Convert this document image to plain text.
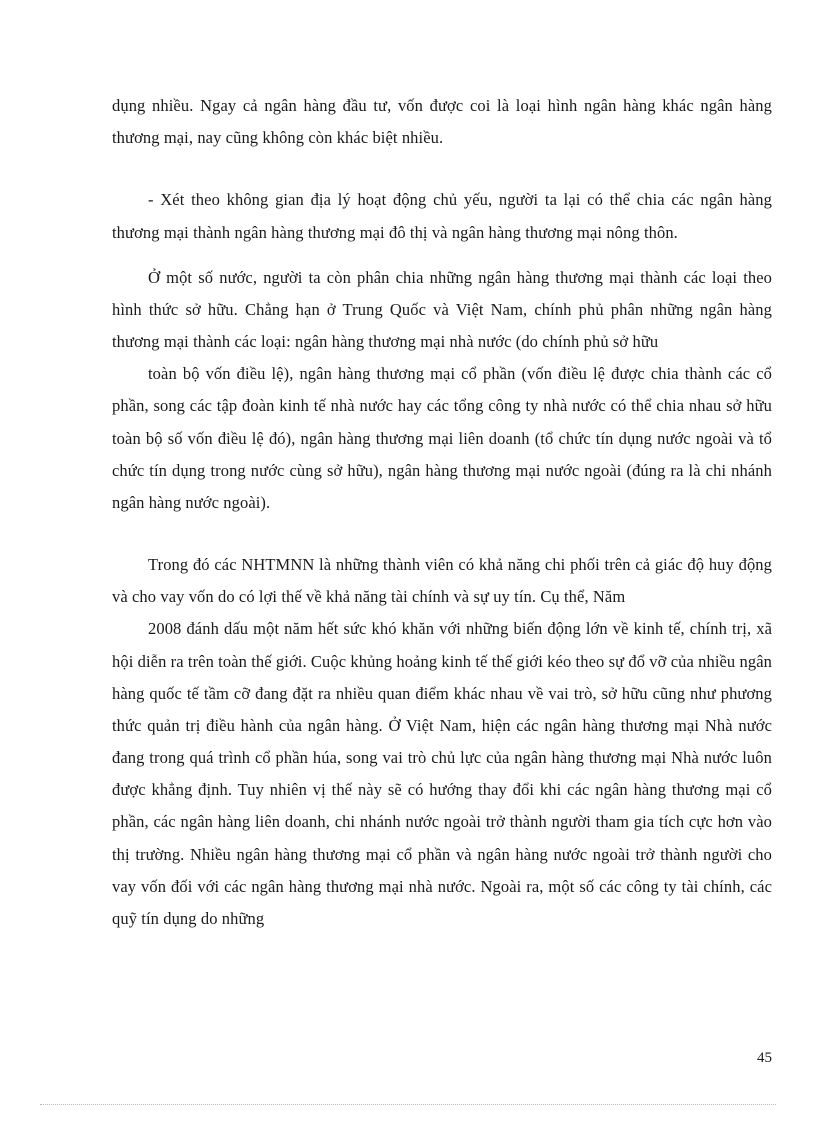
dụng nhiều. Ngay cả ngân hàng đầu tư, vốn được coi là loại hình ngân hàng khác ngân hàng thương mại, nay cũng không còn khác biệt nhiều.

- Xét theo không gian địa lý hoạt động chủ yếu, người ta lại có thể chia các ngân hàng thương mại thành ngân hàng thương mại đô thị và ngân hàng thương mại nông thôn.

Ở một số nước, người ta còn phân chia những ngân hàng thương mại thành các loại theo hình thức sở hữu. Chẳng hạn ở Trung Quốc và Việt Nam, chính phủ phân những ngân hàng thương mại thành các loại: ngân hàng thương mại nhà nước (do chính phủ sở hữu

toàn bộ vốn điều lệ), ngân hàng thương mại cổ phần (vốn điều lệ được chia thành các cổ phần, song các tập đoàn kinh tế nhà nước hay các tổng công ty nhà nước có thể chia nhau sở hữu toàn bộ số vốn điều lệ đó), ngân hàng thương mại liên doanh (tổ chức tín dụng nước ngoài và tổ chức tín dụng trong nước cùng sở hữu), ngân hàng thương mại nước ngoài (đúng ra là chi nhánh ngân hàng nước ngoài).

Trong đó các NHTMNN là những thành viên có khả năng chi phối trên cả giác độ huy động và cho vay vốn do có lợi thế về khả năng tài chính và sự uy tín. Cụ thể, Năm

2008 đánh dấu một năm hết sức khó khăn với những biến động lớn về kinh tế, chính trị, xã hội diễn ra trên toàn thế giới. Cuộc khủng hoảng kinh tế thế giới kéo theo sự đổ vỡ của nhiều ngân hàng quốc tế tầm cỡ đang đặt ra nhiều quan điểm khác nhau về vai trò, sở hữu cũng như phương thức quản trị điều hành của ngân hàng. Ở Việt Nam, hiện các ngân hàng thương mại Nhà nước đang trong quá trình cổ phần húa, song vai trò chủ lực của ngân hàng thương mại Nhà nước luôn được khẳng định. Tuy nhiên vị thế này sẽ có hướng thay đổi khi các ngân hàng thương mại cổ phần, các ngân hàng liên doanh, chi nhánh nước ngoài trở thành người tham gia tích cực hơn vào thị trường. Nhiều ngân hàng thương mại cổ phần và ngân hàng nước ngoài trở thành người cho vay vốn đối với các ngân hàng thương mại nhà nước. Ngoài ra, một số các công ty tài chính, các quỹ tín dụng do những

45
